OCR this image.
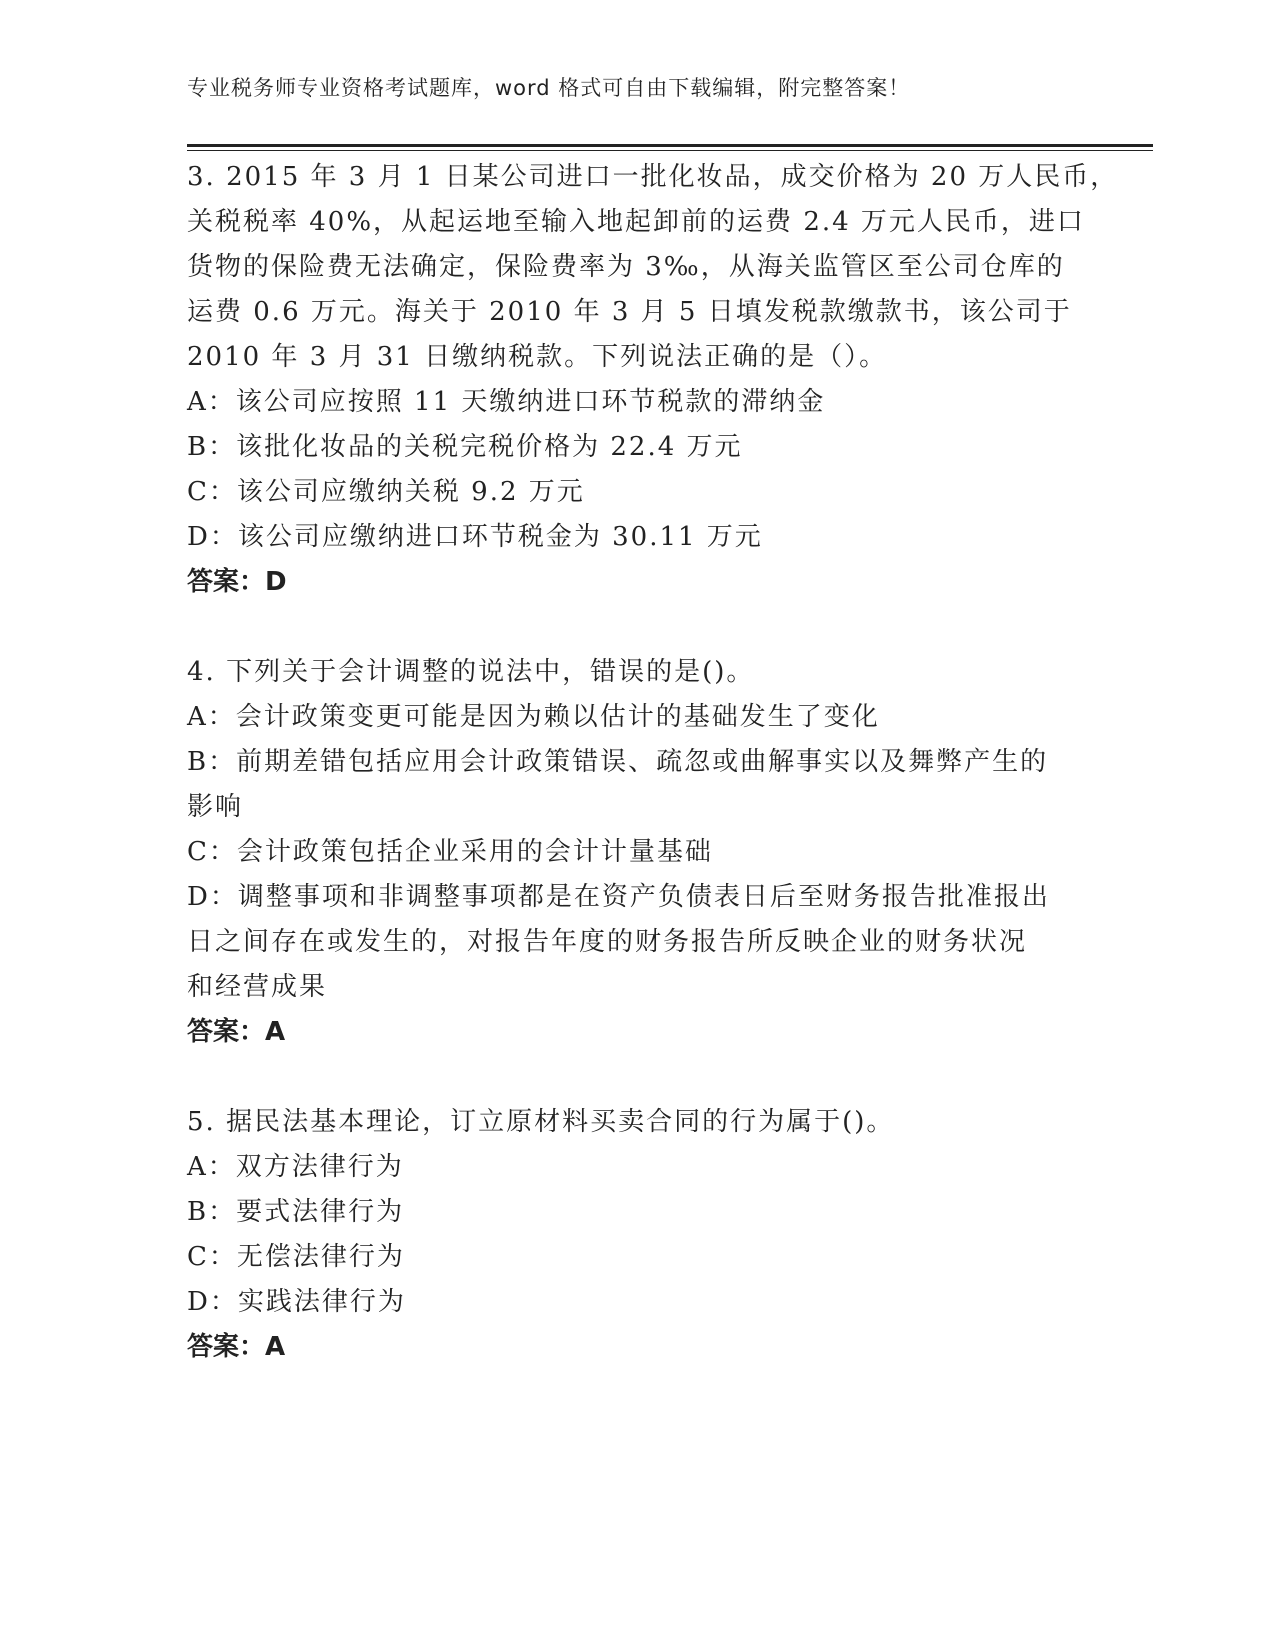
专业税务师专业资格考试题库，word 格式可自由下载编辑，附完整答案！
3. 2015 年 3 月 1 日某公司进口一批化妆品，成交价格为 20 万人民币，
关税税率 40%，从起运地至输入地起卸前的运费 2.4 万元人民币，进口
货物的保险费无法确定，保险费率为 3‰，从海关监管区至公司仓库的
运费 0.6 万元。海关于 2010 年 3 月 5 日填发税款缴款书，该公司于
2010 年 3 月 31 日缴纳税款。下列说法正确的是（）。
A：该公司应按照 11 天缴纳进口环节税款的滞纳金
B：该批化妆品的关税完税价格为 22.4 万元
C：该公司应缴纳关税 9.2 万元
D：该公司应缴纳进口环节税金为 30.11 万元
答案：D
4. 下列关于会计调整的说法中，错误的是()。
A：会计政策变更可能是因为赖以估计的基础发生了变化
B：前期差错包括应用会计政策错误、疏忽或曲解事实以及舞弊产生的
影响
C：会计政策包括企业采用的会计计量基础
D：调整事项和非调整事项都是在资产负债表日后至财务报告批准报出
日之间存在或发生的，对报告年度的财务报告所反映企业的财务状况
和经营成果
答案：A
5. 据民法基本理论，订立原材料买卖合同的行为属于()。
A：双方法律行为
B：要式法律行为
C：无偿法律行为
D：实践法律行为
答案：A
